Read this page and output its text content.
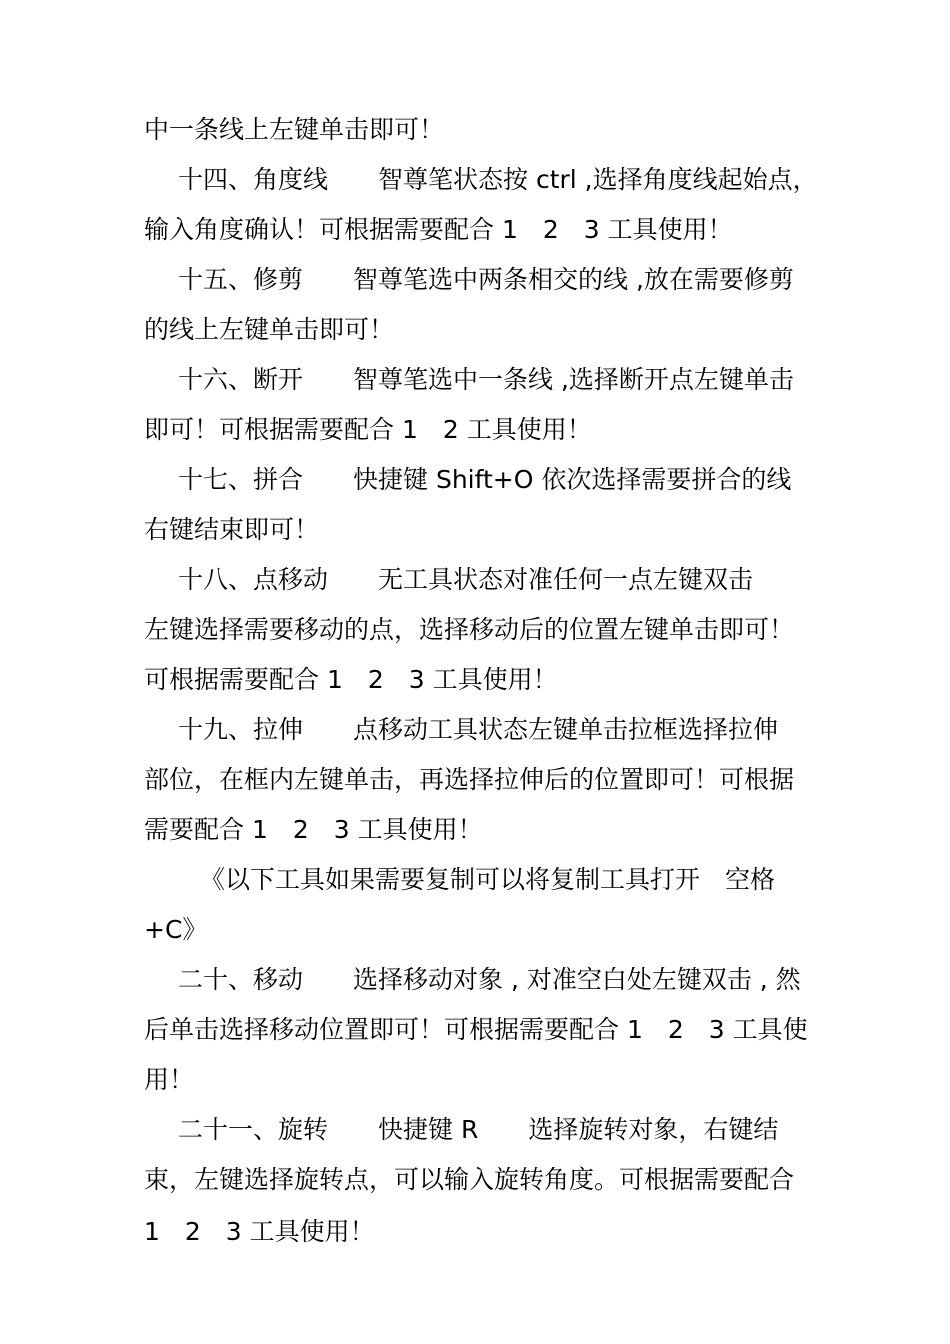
中一条线上左键单击即可！
十四、角度线　　智尊笔状态按 ctrl ,选择角度线起始点，
输入角度确认！可根据需要配合 1　2　3 工具使用！
十五、修剪　　智尊笔选中两条相交的线 ,放在需要修剪
的线上左键单击即可！
十六、断开　　智尊笔选中一条线 ,选择断开点左键单击
即可！可根据需要配合 1　2 工具使用！
十七、拼合　　快捷键 Shift+O 依次选择需要拼合的线
右键结束即可！
十八、点移动　　无工具状态对准任何一点左键双击
左键选择需要移动的点，选择移动后的位置左键单击即可！
可根据需要配合 1　2　3 工具使用！
十九、拉伸　　点移动工具状态左键单击拉框选择拉伸
部位，在框内左键单击，再选择拉伸后的位置即可！可根据
需要配合 1　2　3 工具使用！
《以下工具如果需要复制可以将复制工具打开　空格
+C》
二十、移动　　选择移动对象 , 对准空白处左键双击 , 然
后单击选择移动位置即可！可根据需要配合 1　2　3 工具使
用！
二十一、旋转　　快捷键 R　　选择旋转对象，右键结
束，左键选择旋转点，可以输入旋转角度。可根据需要配合
1　2　3 工具使用！
